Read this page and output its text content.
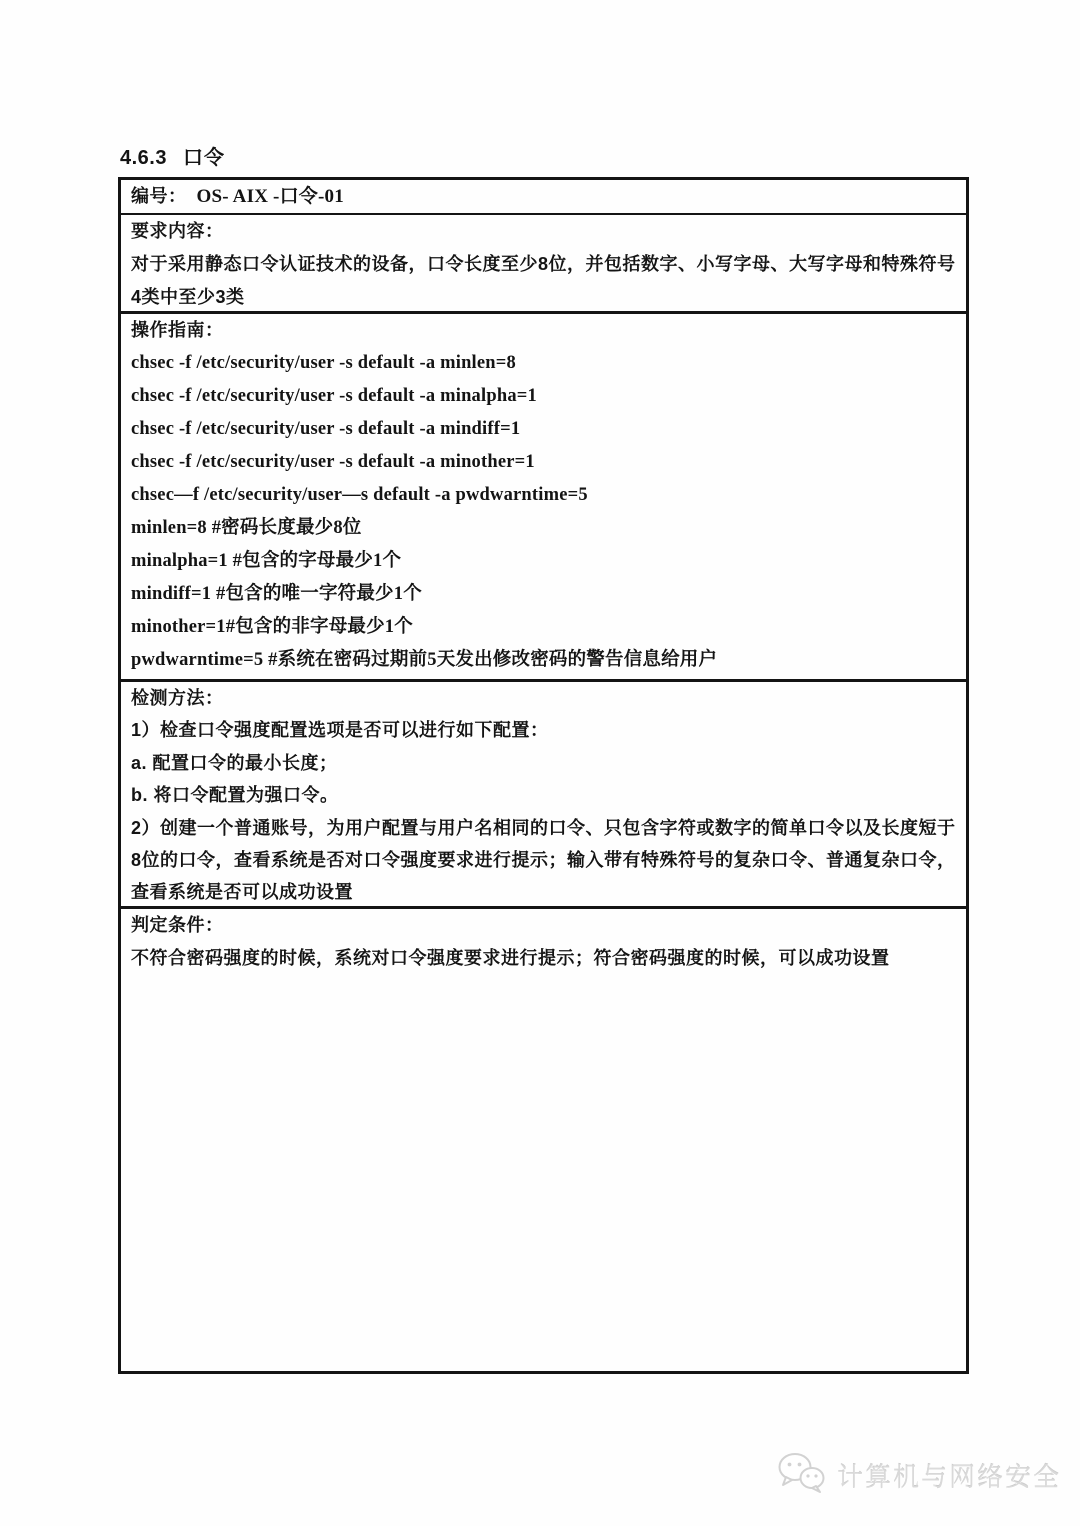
4.6.3 口令
编号： OS- AIX -口令-01
要求内容：
对于采用静态口令认证技术的设备，口令长度至少8位，并包括数字、小写字母、大写字母和特殊符号
4类中至少3类
操作指南：
chsec -f /etc/security/user -s default -a minlen=8
chsec -f /etc/security/user -s default -a minalpha=1
chsec -f /etc/security/user -s default -a mindiff=1
chsec -f /etc/security/user -s default -a minother=1
chsec—f /etc/security/user—s default -a pwdwarntime=5
minlen=8 #密码长度最少8位
minalpha=1 #包含的字母最少1个
mindiff=1 #包含的唯一字符最少1个
minother=1#包含的非字母最少1个
pwdwarntime=5 #系统在密码过期前5天发出修改密码的警告信息给用户
检测方法：
1）检查口令强度配置选项是否可以进行如下配置：
a. 配置口令的最小长度；
b. 将口令配置为强口令。
2）创建一个普通账号，为用户配置与用户名相同的口令、只包含字符或数字的简单口令以及长度短于
8位的口令，查看系统是否对口令强度要求进行提示；输入带有特殊符号的复杂口令、普通复杂口令，
查看系统是否可以成功设置
判定条件：
不符合密码强度的时候，系统对口令强度要求进行提示；符合密码强度的时候，可以成功设置
计算机与网络安全
